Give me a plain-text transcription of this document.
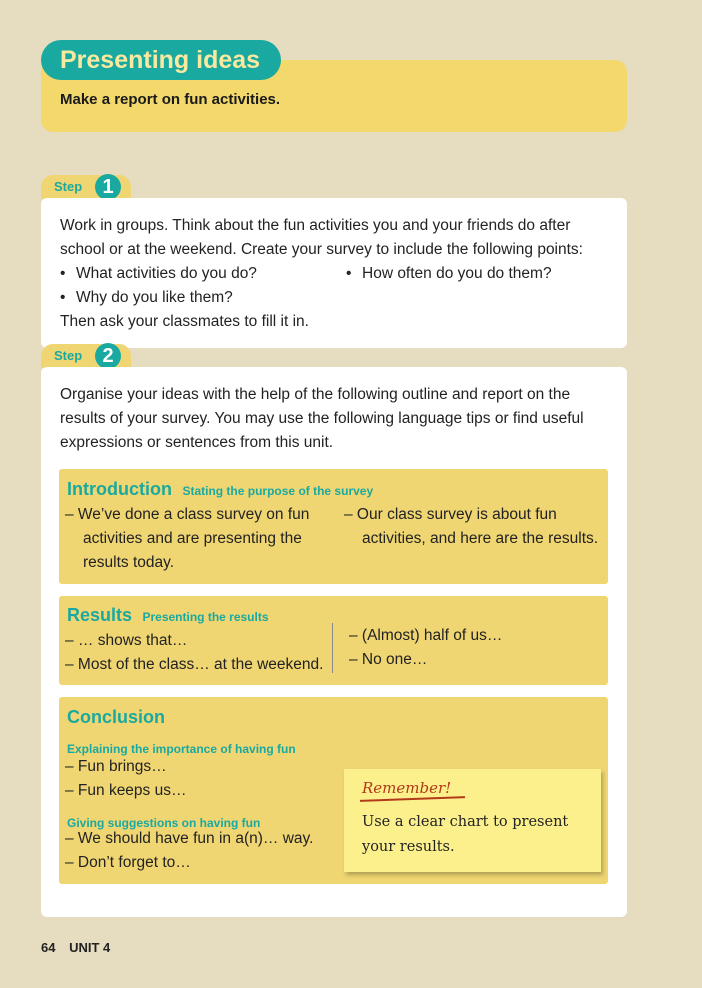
Presenting ideas
Make a report on fun activities.
Step	1
Work in groups. Think about the fun activities you and your friends do after
school or at the weekend. Create your survey to include the following points:
• What activities do you do?
•	How often do you do them?
• Why do you like them?
Then ask your classmates to fill it in.
Step	2
Organise your ideas with the help of the following outline and report on the
results of your survey. You may use the following language tips or find useful
expressions or sentences from this unit.
Introduction Stating the purpose of the survey
– We’ve done a class survey on fun
activities and are presenting the
results today.
– Our class survey is about fun
activities, and here are the results.
Results Presenting the results
– … shows that…
– Most of the class… at the weekend.
– (Almost) half of us…
– No one…
Conclusion
Explaining the importance of having fun
– Fun brings…
– Fun keeps us…
Giving suggestions on having fun
– We should have fun in a(n)… way.
– Don’t forget to…
Remember!
Use a clear chart to present
your results.
64 UNIT 4
